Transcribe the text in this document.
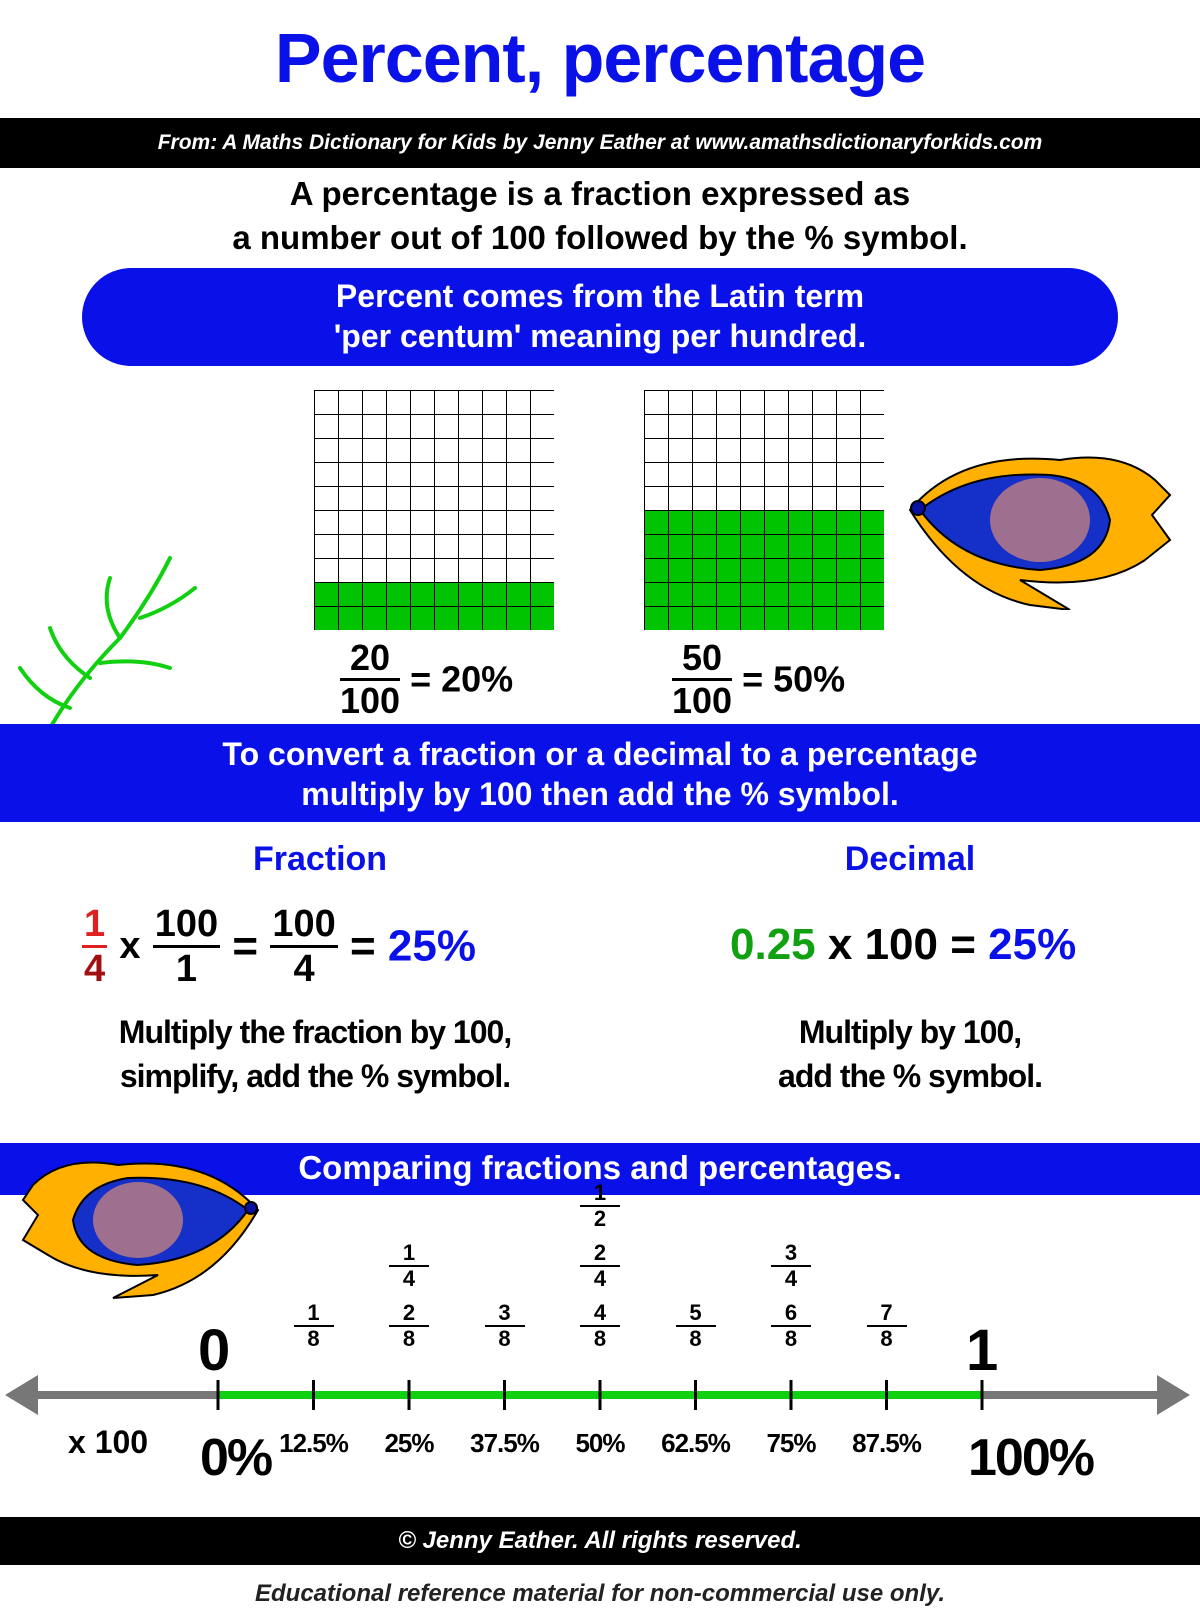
Percent, percentage
From: A Maths Dictionary for Kids by Jenny Eather at www.amathsdictionaryforkids.com
A percentage is a fraction expressed as
a number out of 100 followed by the % symbol.
Percent comes from the Latin term
'per centum' meaning per hundred.
$\frac{20}{100} = 20\%$	$\frac{50}{100} = 50\%$
To convert a fraction or a decimal to a percentage
multiply by 100 then add the % symbol.
Fraction
$\frac{1}{4}$ x $\frac{100}{1} = \frac{100}{4} = 25\%$
Multiply the fraction by 100,
simplify, add the % symbol.
Decimal
0.25 x 100 = 25%
Multiply by 100,
add the % symbol.
Comparing fractions and percentages.
0	1
x 100 0%	100%
$\frac{1}{8}$
12.5%
$\frac{1}{4}$
$\frac{2}{8}$
25%
$\frac{3}{8}$
37.5%
$\frac{1}{2}$
$\frac{2}{4}$
$\frac{4}{8}$
50%
$\frac{5}{8}$
62.5%
$\frac{3}{4}$
$\frac{6}{8}$
75%
$\frac{7}{8}$
87.5%
© Jenny Eather. All rights reserved.
Educational reference material for non-commercial use only.
